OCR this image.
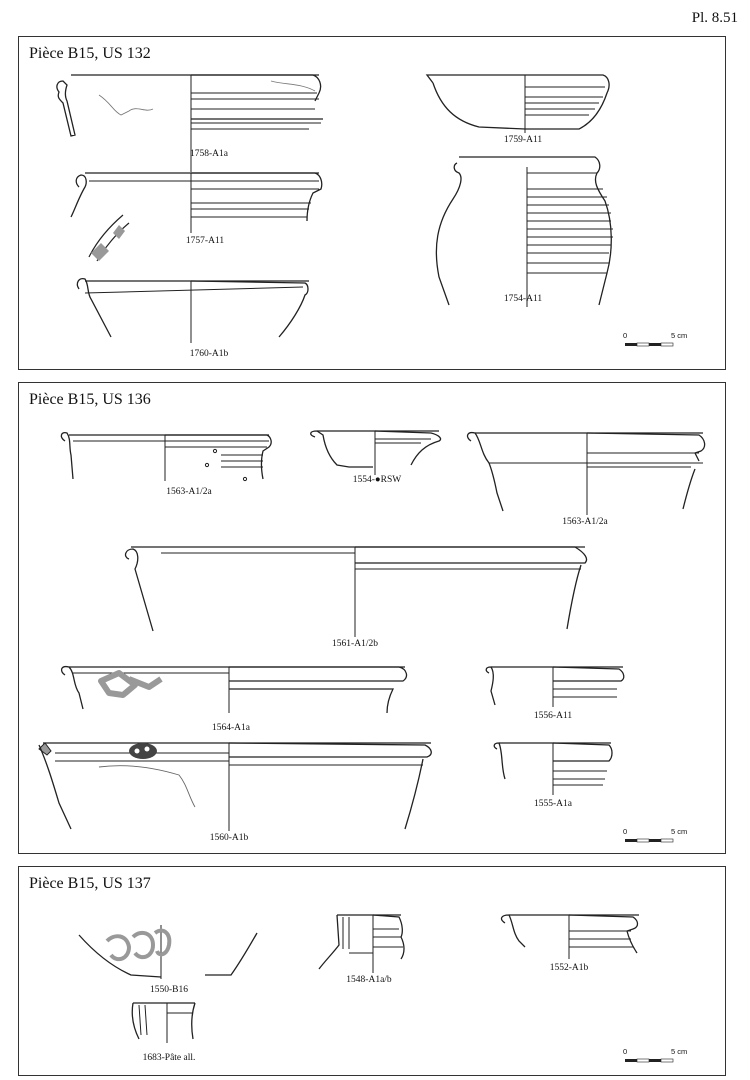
Pl. 8.51
Pièce B15, US 132
1758-A1a
1759-A11
1757-A11
1754-A11
1760-A1b
0	5 cm
Pièce B15, US 136
1563-A1/2a
1554-●RSW
1563-A1/2a
1561-A1/2b
1564-A1a
1556-A11
1560-A1b
1555-A1a
0	5 cm
Pièce B15, US 137
1550-B16
1548-A1a/b
1552-A1b
1683-Pâte all.
0	5 cm
